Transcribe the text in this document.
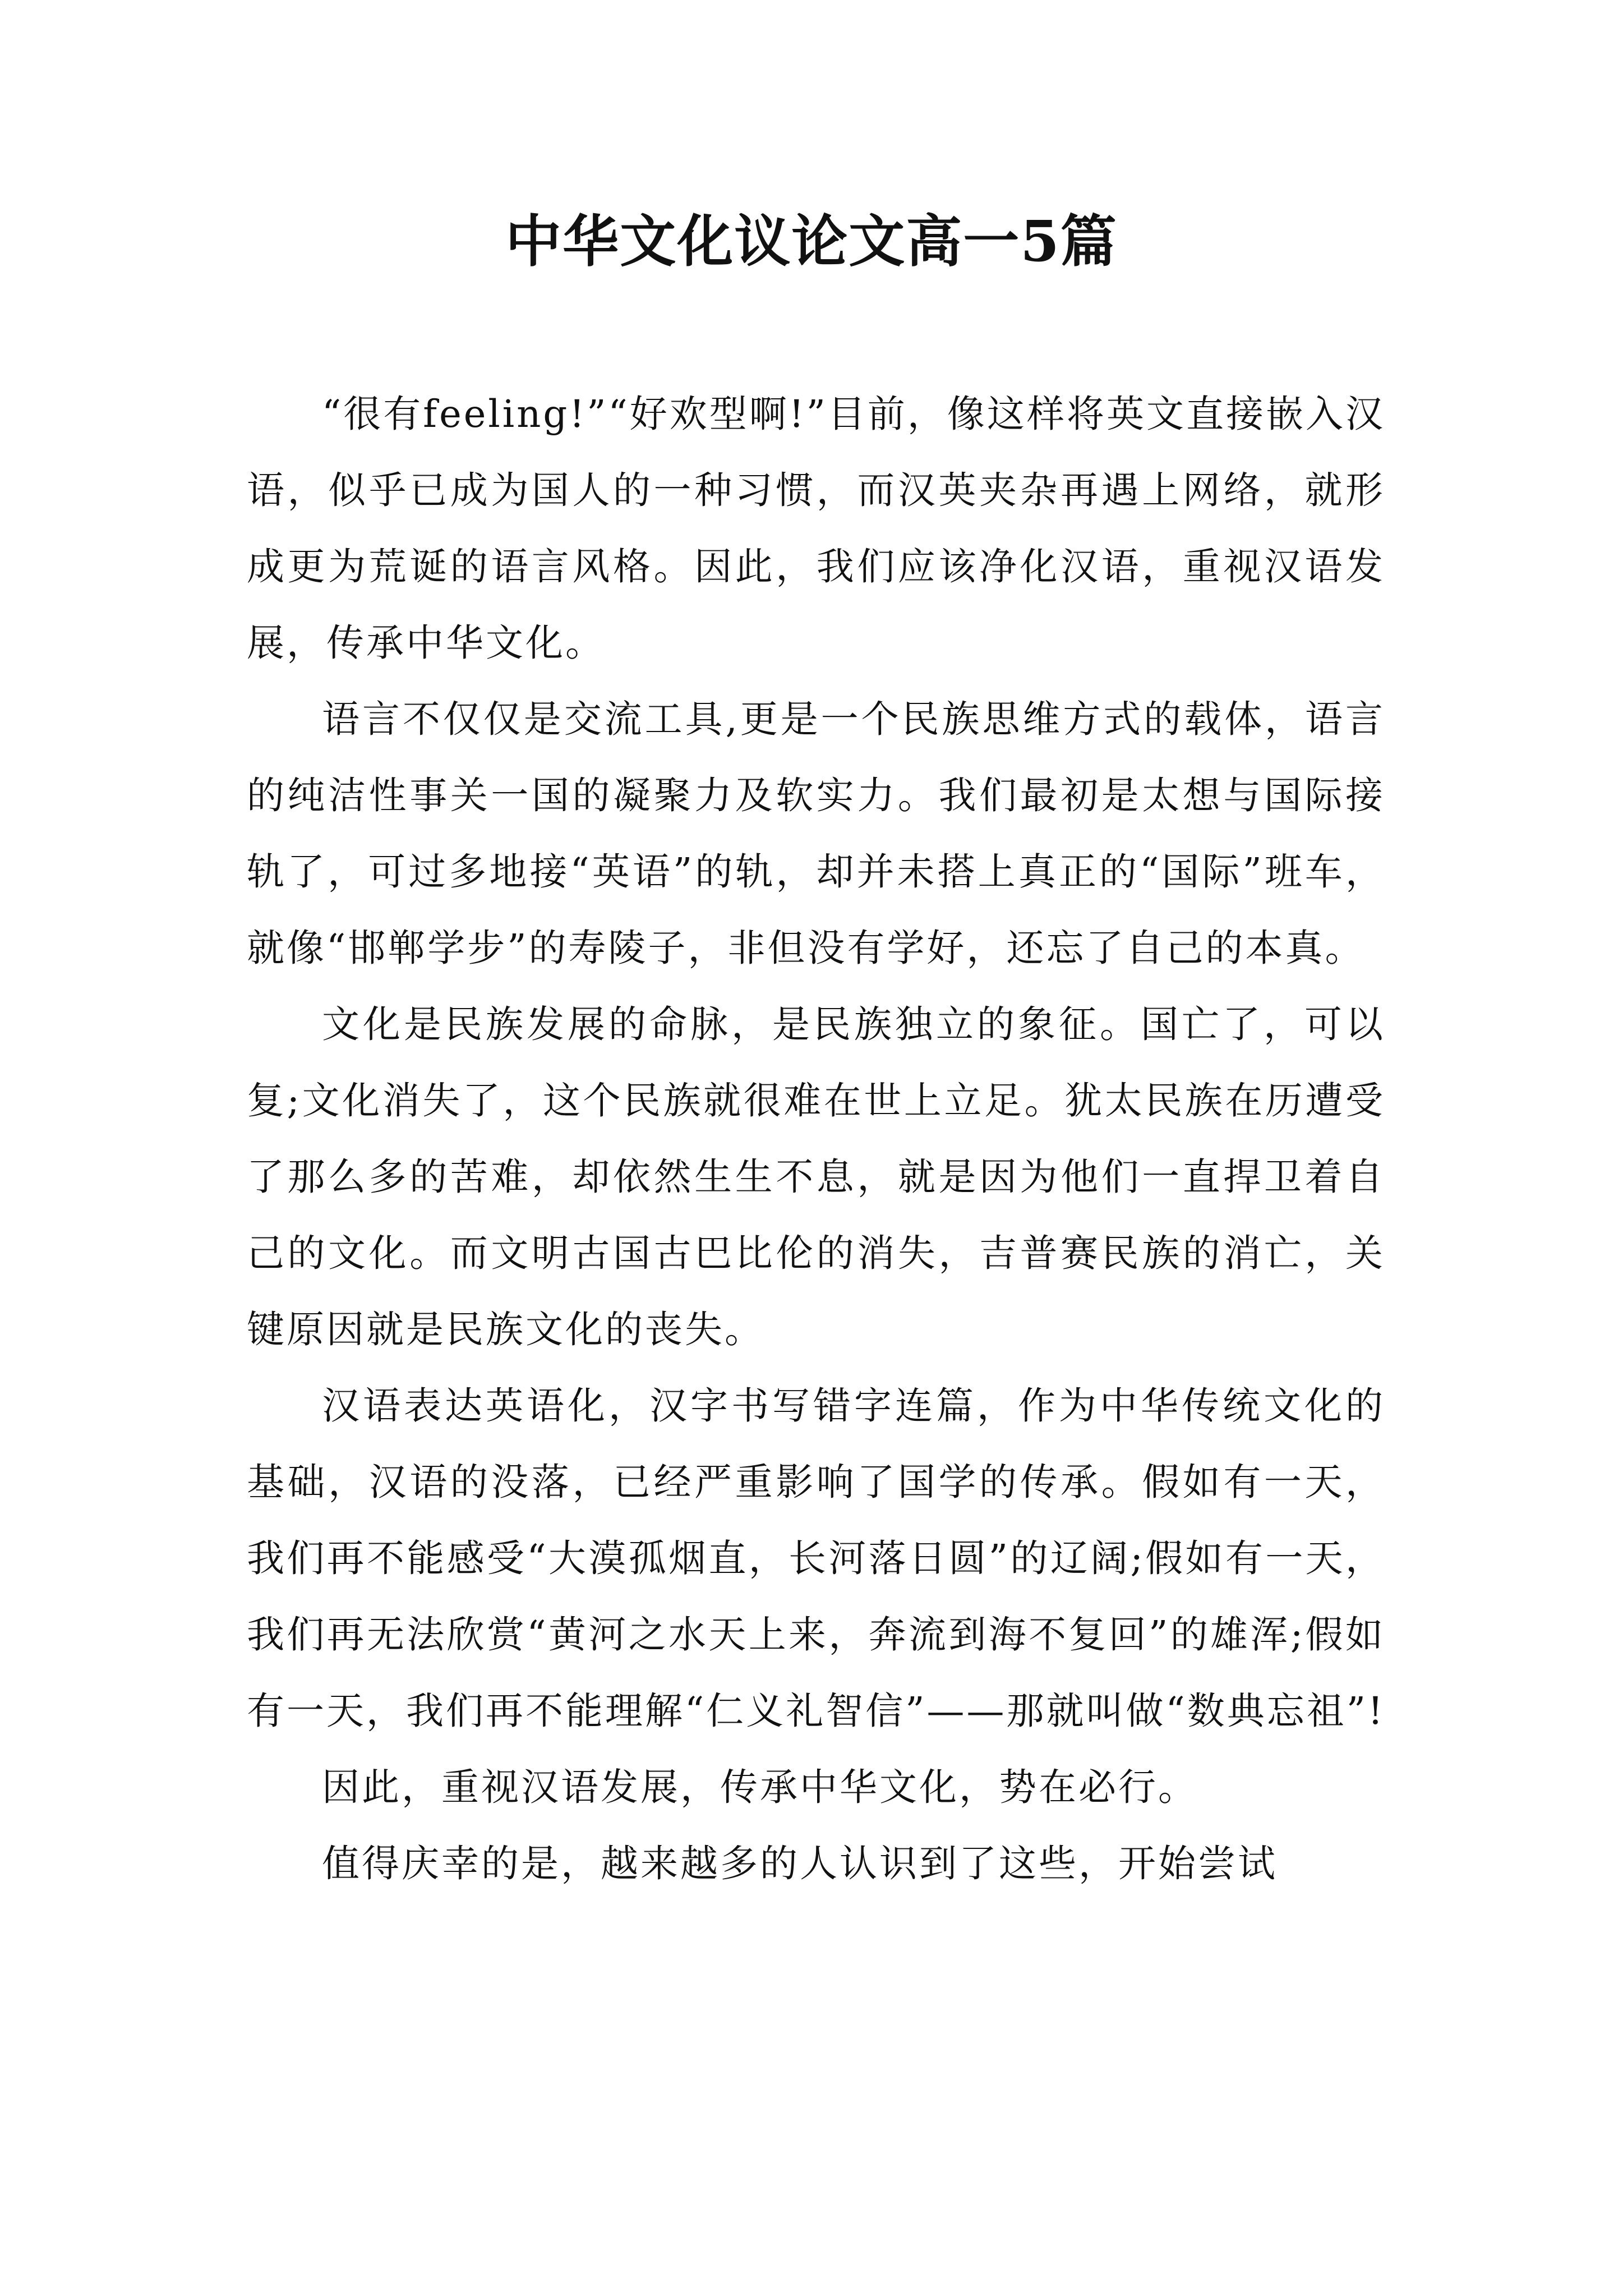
中华文化议论文高一5篇

“很有feeling!”“好欢型啊!”目前，像这样将英文直接嵌入汉语，似乎已成为国人的一种习惯，而汉英夹杂再遇上网络，就形成更为荒诞的语言风格。因此，我们应该净化汉语，重视汉语发展，传承中华文化。

语言不仅仅是交流工具,更是一个民族思维方式的载体，语言的纯洁性事关一国的凝聚力及软实力。我们最初是太想与国际接轨了，可过多地接“英语”的轨，却并未搭上真正的“国际”班车，就像“邯郸学步”的寿陵子，非但没有学好，还忘了自己的本真。

文化是民族发展的命脉，是民族独立的象征。国亡了，可以复;文化消失了，这个民族就很难在世上立足。犹太民族在历遭受了那么多的苦难，却依然生生不息，就是因为他们一直捍卫着自己的文化。而文明古国古巴比伦的消失，吉普赛民族的消亡，关键原因就是民族文化的丧失。

汉语表达英语化，汉字书写错字连篇，作为中华传统文化的基础，汉语的没落，已经严重影响了国学的传承。假如有一天，我们再不能感受“大漠孤烟直，长河落日圆”的辽阔;假如有一天，我们再无法欣赏“黄河之水天上来，奔流到海不复回”的雄浑;假如有一天，我们再不能理解“仁义礼智信”——那就叫做“数典忘祖”!

因此，重视汉语发展，传承中华文化，势在必行。

值得庆幸的是，越来越多的人认识到了这些，开始尝试
